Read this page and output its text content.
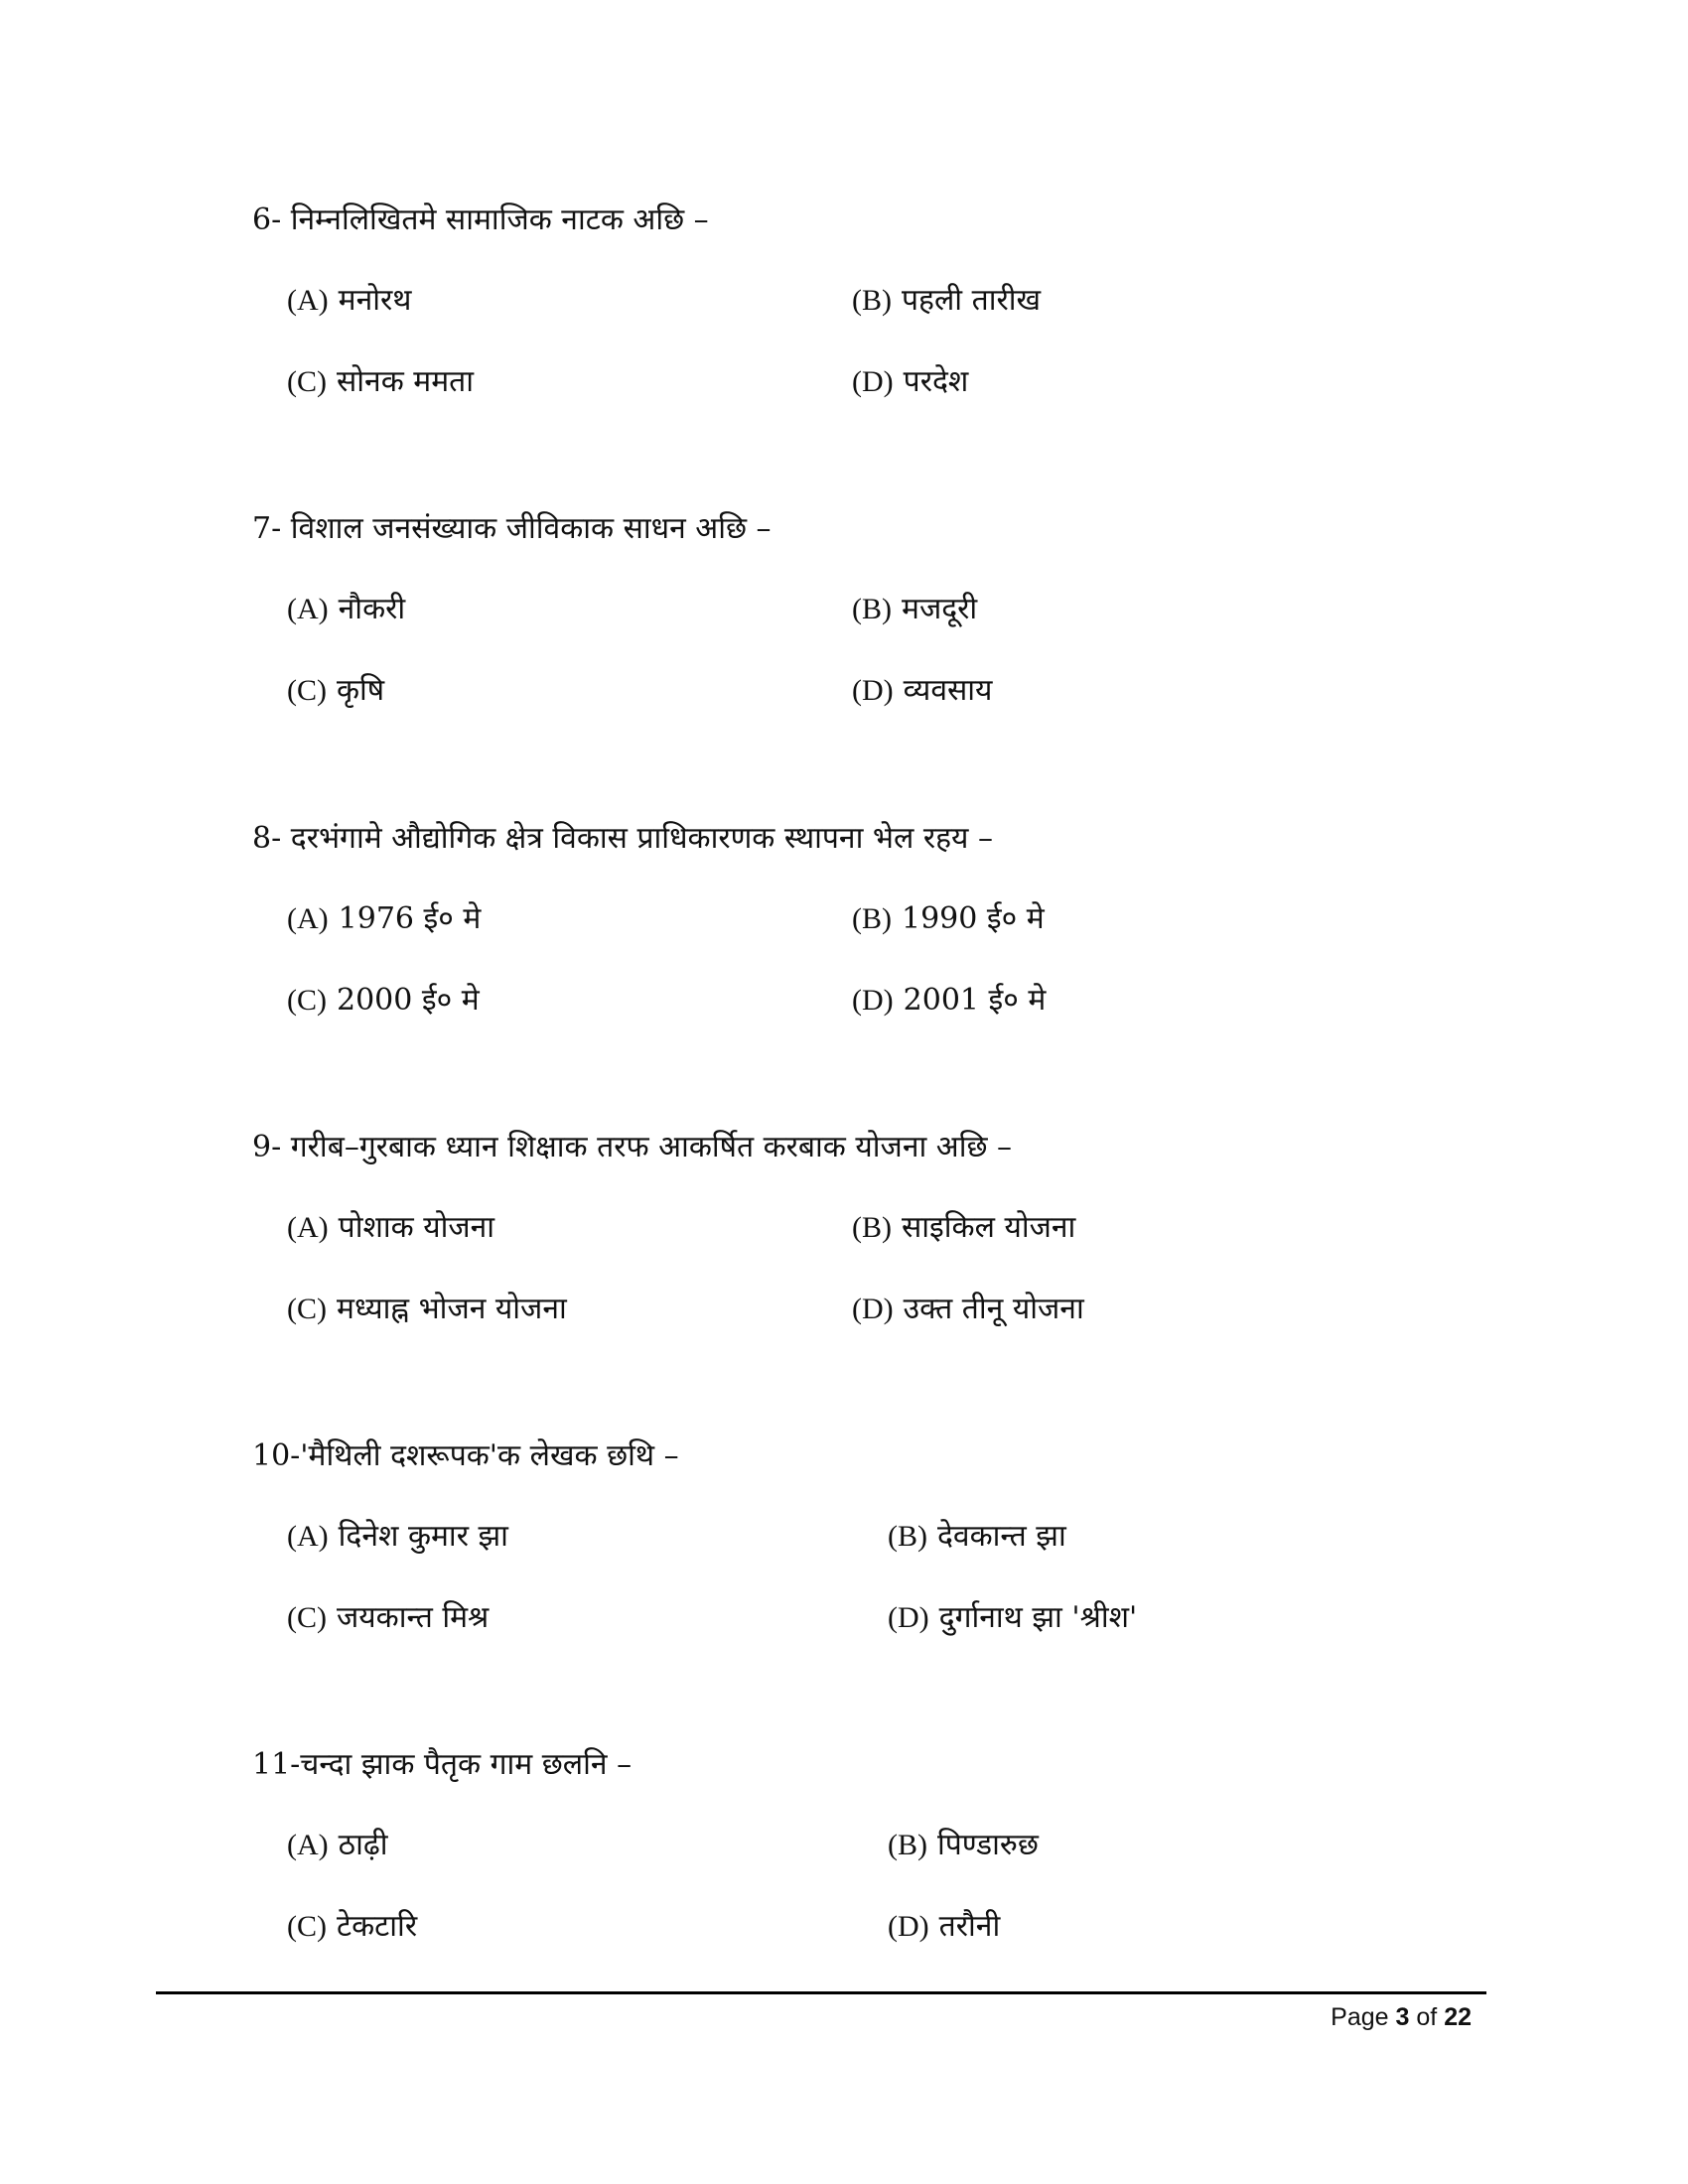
6- निम्नलिखितमे सामाजिक नाटक अछि –
(A) मनोरथ	(B) पहली तारीख
(C) सोनक ममता	(D) परदेश
7- विशाल जनसंख्याक जीविकाक साधन अछि –
(A) नौकरी	(B) मजदूरी
(C) कृषि	(D) व्यवसाय
8- दरभंगामे औद्योगिक क्षेत्र विकास प्राधिकारणक स्थापना भेल रहय –
(A) 1976 ई० मे	(B) 1990 ई० मे
(C) 2000 ई० मे	(D) 2001 ई० मे
9- गरीब–गुरबाक ध्यान शिक्षाक तरफ आकर्षित करबाक योजना अछि –
(A) पोशाक योजना	(B) साइकिल योजना
(C) मध्याह्न भोजन योजना	(D) उक्त तीनू योजना
10-'मैथिली दशरूपक'क लेखक छथि –
(A) दिनेश कुमार झा	(B) देवकान्त झा
(C) जयकान्त मिश्र	(D) दुर्गानाथ झा 'श्रीश'
11-चन्दा झाक पैतृक गाम छलनि –
(A) ठाढ़ी	(B) पिण्डारुछ
(C) टेकटारि	(D) तरौनी
Page 3 of 22
